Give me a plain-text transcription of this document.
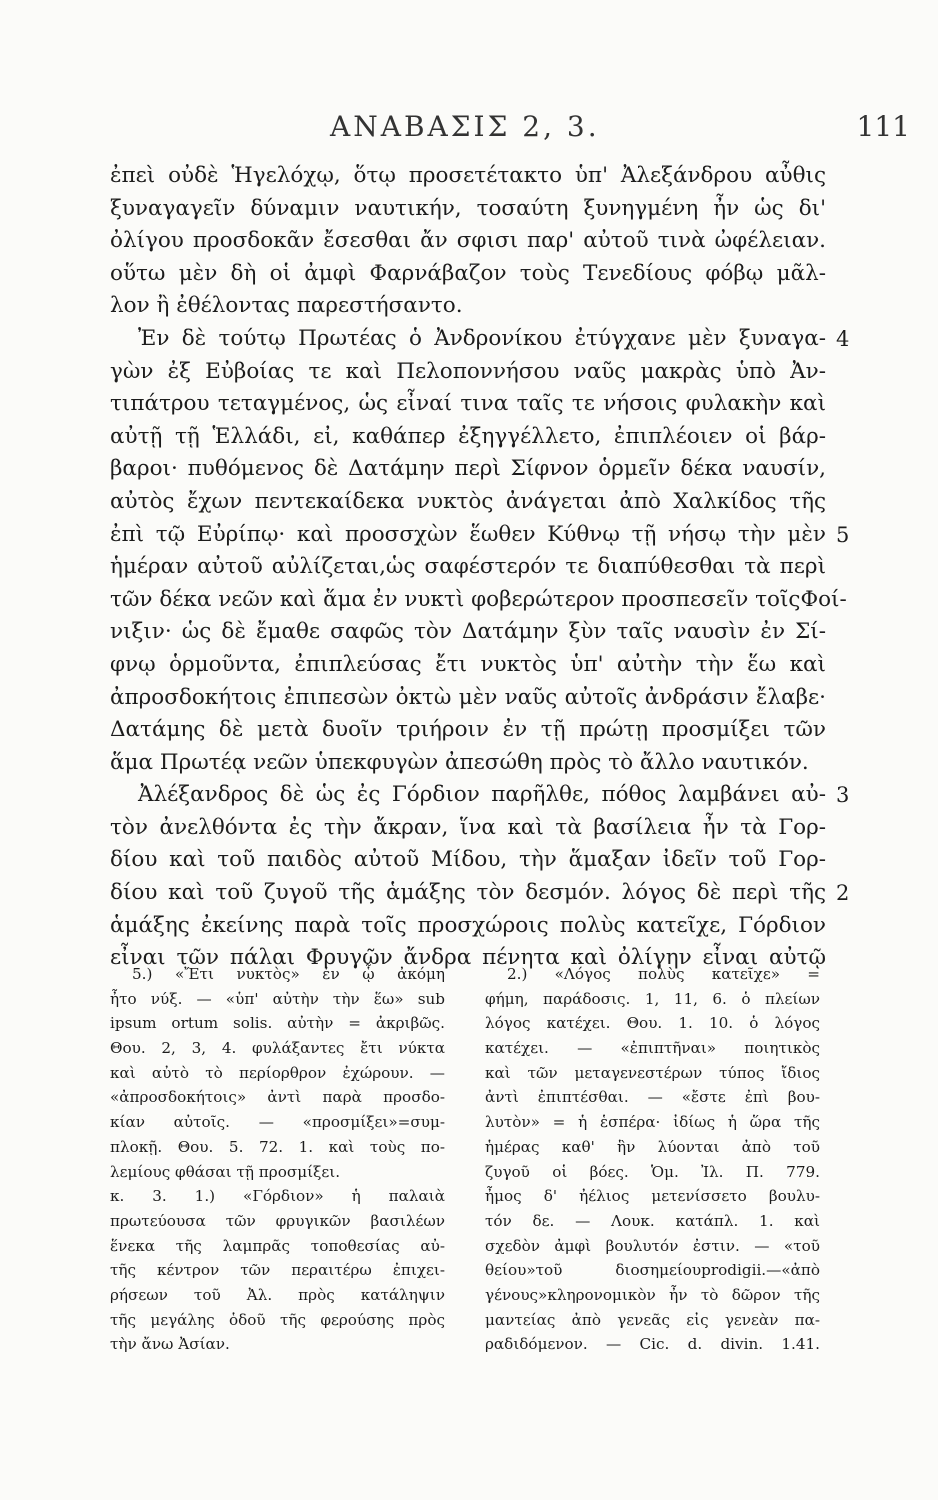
ΑΝΑΒΑΣΙΣ 2, 3.	111
ἐπεὶ οὐδὲ Ἡγελόχῳ, ὅτῳ προσετέτακτο ὑπ' Ἀλεξάνδρου αὖθις
ξυναγαγεῖν δύναμιν ναυτικήν, τοσαύτη ξυνηγμένη ἦν ὡς δι'
ὀλίγου προσδοκᾶν ἔσεσθαι ἄν σφισι παρ' αὐτοῦ τινὰ ὠφέλειαν.
οὕτω μὲν δὴ οἱ ἀμφὶ Φαρνάβαζον τοὺς Τενεδίους φόβῳ μᾶλ-
λον ἢ ἐθέλοντας παρεστήσαντο.
Ἐν δὲ τούτῳ Πρωτέας ὁ Ἀνδρονίκου ἐτύγχανε μὲν ξυναγα- 4
γὼν ἐξ Εὐβοίας τε καὶ Πελοποννήσου ναῦς μακρὰς ὑπὸ Ἀν-
τιπάτρου τεταγμένος, ὡς εἶναί τινα ταῖς τε νήσοις φυλακὴν καὶ
αὐτῇ τῇ Ἑλλάδι, εἰ, καθάπερ ἐξηγγέλλετο, ἐπιπλέοιεν οἱ βάρ-
βαροι· πυθόμενος δὲ Δατάμην περὶ Σίφνον ὁρμεῖν δέκα ναυσίν,
αὐτὸς ἔχων πεντεκαίδεκα νυκτὸς ἀνάγεται ἀπὸ Χαλκίδος τῆς
ἐπὶ τῷ Εὐρίπῳ· καὶ προσσχὼν ἕωθεν Κύθνῳ τῇ νήσῳ τὴν μὲν 5
ἡμέραν αὐτοῦ αὐλίζεται,ὡς σαφέστερόν τε διαπύθεσθαι τὰ περὶ
τῶν δέκα νεῶν καὶ ἅμα ἐν νυκτὶ φοβερώτερον προσπεσεῖν τοῖςΦοί-
νιξιν· ὡς δὲ ἔμαθε σαφῶς τὸν Δατάμην ξὺν ταῖς ναυσὶν ἐν Σί-
φνῳ ὁρμοῦντα, ἐπιπλεύσας ἔτι νυκτὸς ὑπ' αὐτὴν τὴν ἕω καὶ
ἀπροσδοκήτοις ἐπιπεσὼν ὀκτὼ μὲν ναῦς αὐτοῖς ἀνδράσιν ἔλαβε·
Δατάμης δὲ μετὰ δυοῖν τριήροιν ἐν τῇ πρώτῃ προσμίξει τῶν
ἅμα Πρωτέᾳ νεῶν ὑπεκφυγὼν ἀπεσώθη πρὸς τὸ ἄλλο ναυτικόν.
Ἀλέξανδρος δὲ ὡς ἐς Γόρδιον παρῆλθε, πόθος λαμβάνει αὐ- 3
τὸν ἀνελθόντα ἐς τὴν ἄκραν, ἵνα καὶ τὰ βασίλεια ἦν τὰ Γορ-
δίου καὶ τοῦ παιδὸς αὐτοῦ Μίδου, τὴν ἅμαξαν ἰδεῖν τοῦ Γορ-
δίου καὶ τοῦ ζυγοῦ τῆς ἁμάξης τὸν δεσμόν. λόγος δὲ περὶ τῆς 2
ἁμάξης ἐκείνης παρὰ τοῖς προσχώροις πολὺς κατεῖχε, Γόρδιον
εἶναι τῶν πάλαι Φρυγῶν ἄνδρα πένητα καὶ ὀλίγην εἶναι αὐτῷ
5.) «Ἔτι νυκτὸς» ἐν ᾧ ἀκόμη
ἦτο νύξ. — «ὑπ' αὐτὴν τὴν ἕω» sub
ipsum ortum solis. αὐτὴν = ἀκριβῶς.
Θου. 2, 3, 4. φυλάξαντες ἔτι νύκτα
καὶ αὐτὸ τὸ περίορθρον ἐχώρουν. —
«ἀπροσδοκήτοις» ἀντὶ παρὰ προσδο-
κίαν αὐτοῖς. — «προσμίξει»=συμ-
πλοκῇ. Θου. 5. 72. 1. καὶ τοὺς πο-
λεμίους φθάσαι τῇ προσμίξει.
κ. 3. 1.) «Γόρδιον» ἡ παλαιὰ
πρωτεύουσα τῶν φρυγικῶν βασιλέων
ἕνεκα τῆς λαμπρᾶς τοποθεσίας αὐ-
τῆς κέντρον τῶν περαιτέρω ἐπιχει-
ρήσεων τοῦ Ἀλ. πρὸς κατάληψιν
τῆς μεγάλης ὁδοῦ τῆς φερούσης πρὸς
τὴν ἄνω Ἀσίαν.
2.) «Λόγος πολὺς κατεῖχε» =
φήμη, παράδοσις. 1, 11, 6. ὁ πλείων
λόγος κατέχει. Θου. 1. 10. ὁ λόγος
κατέχει. — «ἐπιπτῆναι» ποιητικὸς
καὶ τῶν μεταγενεστέρων τύπος ἴδιος
ἀντὶ ἐπιπτέσθαι. — «ἔστε ἐπὶ βου-
λυτὸν» = ἡ ἑσπέρα· ἰδίως ἡ ὥρα τῆς
ἡμέρας καθ' ἣν λύονται ἀπὸ τοῦ
ζυγοῦ οἱ βόες. Ὁμ. Ἰλ. Π. 779.
ἦμος δ' ἠέλιος μετενίσσετο βουλυ-
τόν δε. — Λουκ. κατάπλ. 1. καὶ
σχεδὸν ἀμφὶ βουλυτόν ἐστιν. — «τοῦ
θείου»τοῦ διοσημείουprodigii.—«ἀπὸ
γένους»κληρονομικὸν ἦν τὸ δῶρον τῆς
μαντείας ἀπὸ γενεᾶς εἰς γενεὰν πα-
ραδιδόμενον. — Cic. d. divin. 1.41.
